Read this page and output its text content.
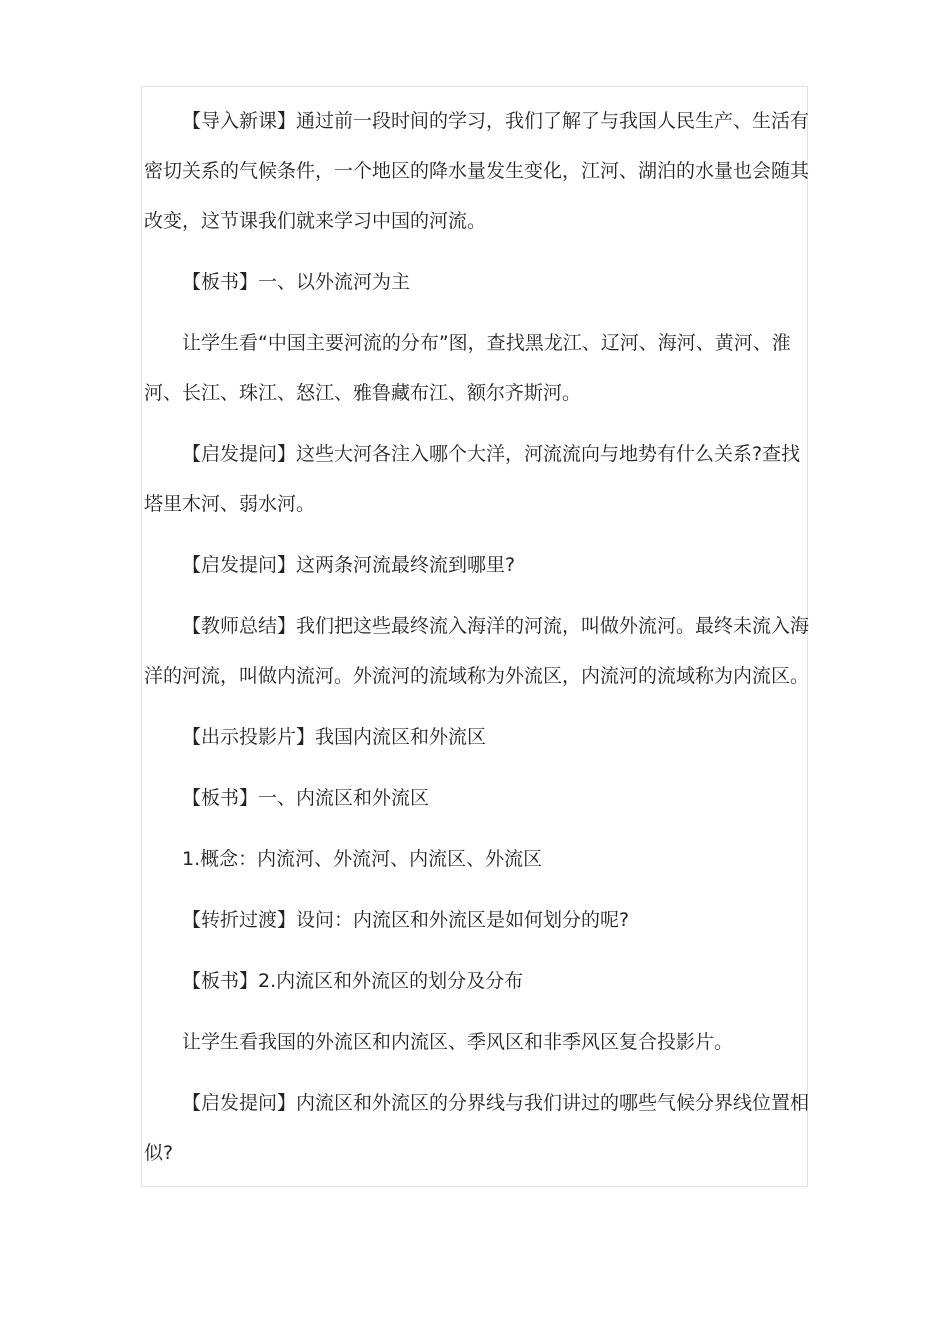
【导入新课】通过前一段时间的学习，我们了解了与我国人民生产、生活有密切关系的气候条件，一个地区的降水量发生变化，江河、湖泊的水量也会随其改变，这节课我们就来学习中国的河流。

【板书】一、以外流河为主

让学生看“中国主要河流的分布”图，查找黑龙江、辽河、海河、黄河、淮河、长江、珠江、怒江、雅鲁藏布江、额尔齐斯河。

【启发提问】这些大河各注入哪个大洋，河流流向与地势有什么关系?查找塔里木河、弱水河。

【启发提问】这两条河流最终流到哪里?

【教师总结】我们把这些最终流入海洋的河流，叫做外流河。最终未流入海洋的河流，叫做内流河。外流河的流域称为外流区，内流河的流域称为内流区。

【出示投影片】我国内流区和外流区

【板书】一、内流区和外流区

1.概念：内流河、外流河、内流区、外流区

【转折过渡】设问：内流区和外流区是如何划分的呢?

【板书】2.内流区和外流区的划分及分布

让学生看我国的外流区和内流区、季风区和非季风区复合投影片。

【启发提问】内流区和外流区的分界线与我们讲过的哪些气候分界线位置相似?
